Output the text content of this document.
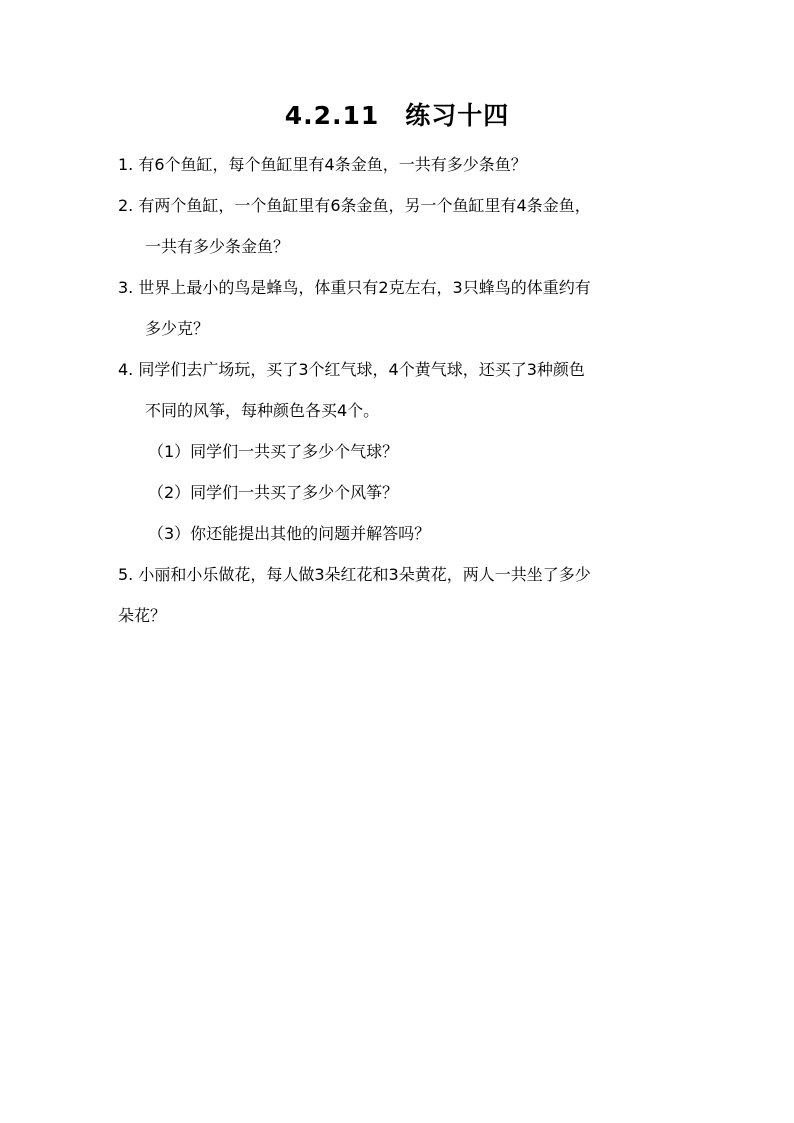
4.2.11　练习十四
1. 有6个鱼缸，每个鱼缸里有4条金鱼，一共有多少条鱼？
2. 有两个鱼缸，一个鱼缸里有6条金鱼，另一个鱼缸里有4条金鱼，
一共有多少条金鱼？
3. 世界上最小的鸟是蜂鸟，体重只有2克左右，3只蜂鸟的体重约有
多少克？
4. 同学们去广场玩，买了3个红气球，4个黄气球，还买了3种颜色
不同的风筝，每种颜色各买4个。
（1）同学们一共买了多少个气球？
（2）同学们一共买了多少个风筝？
（3）你还能提出其他的问题并解答吗？
5. 小丽和小乐做花，每人做3朵红花和3朵黄花，两人一共坐了多少
朵花？
